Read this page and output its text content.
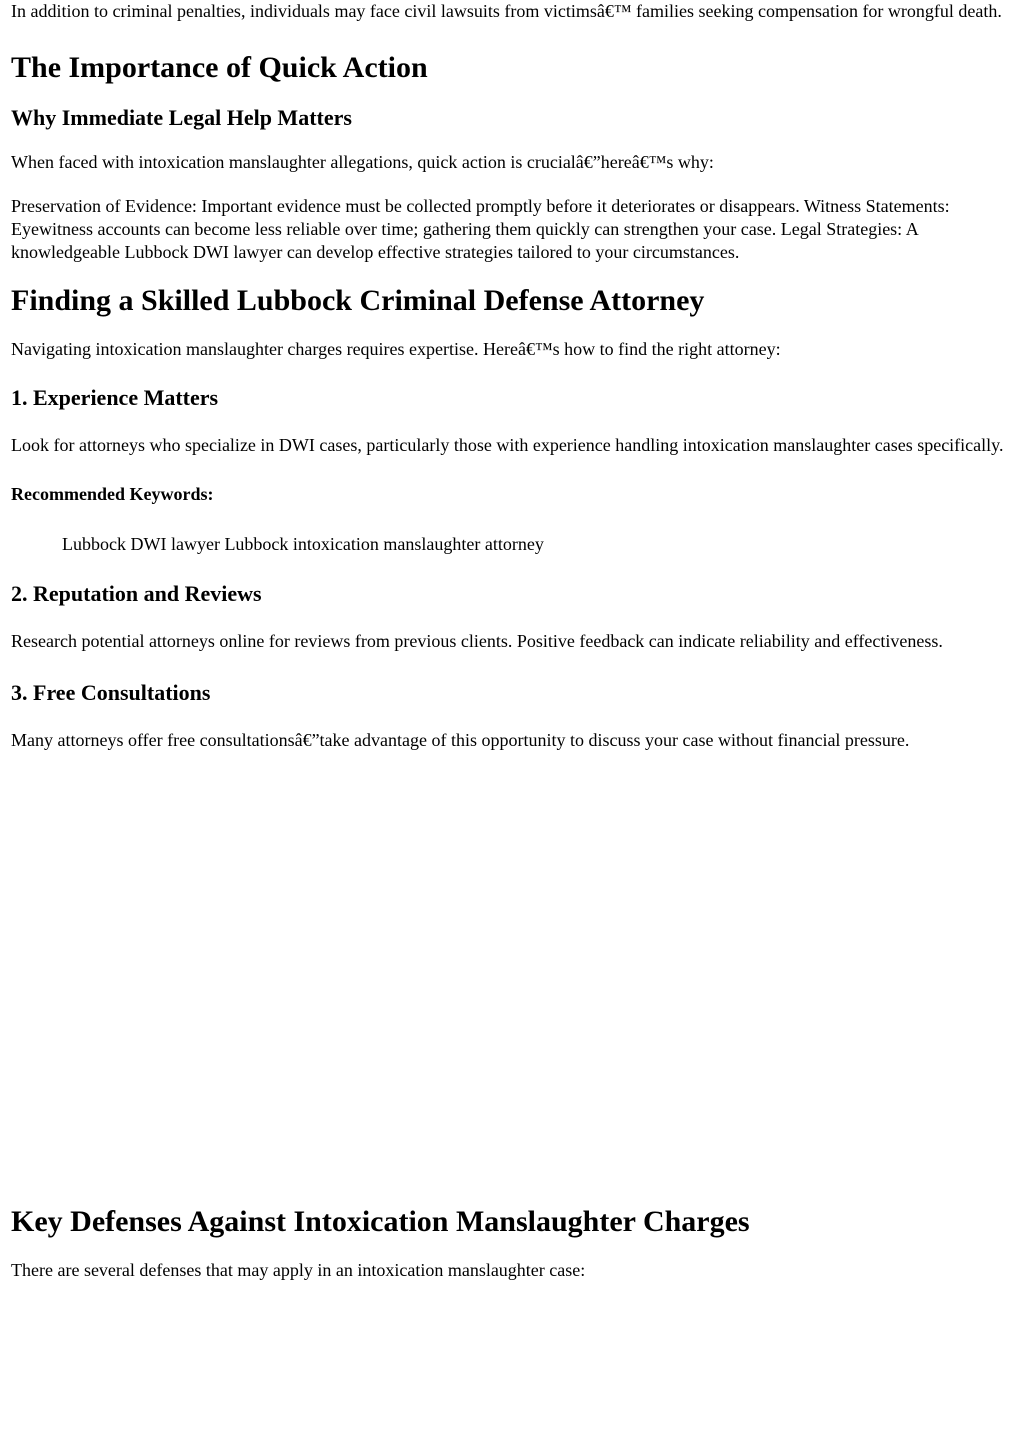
In addition to criminal penalties, individuals may face civil lawsuits from victimsâ€™ families seeking compensation for wrongful death.

The Importance of Quick Action
Why Immediate Legal Help Matters

When faced with intoxication manslaughter allegations, quick action is crucialâ€”hereâ€™s why:

Preservation of Evidence: Important evidence must be collected promptly before it deteriorates or disappears. Witness Statements: Eyewitness accounts can become less reliable over time; gathering them quickly can strengthen your case. Legal Strategies: A knowledgeable Lubbock DWI lawyer can develop effective strategies tailored to your circumstances.

Finding a Skilled Lubbock Criminal Defense Attorney

Navigating intoxication manslaughter charges requires expertise. Hereâ€™s how to find the right attorney:

1. Experience Matters

Look for attorneys who specialize in DWI cases, particularly those with experience handling intoxication manslaughter cases specifically.

Recommended Keywords:

Lubbock DWI lawyer Lubbock intoxication manslaughter attorney

2. Reputation and Reviews

Research potential attorneys online for reviews from previous clients. Positive feedback can indicate reliability and effectiveness.

3. Free Consultations

Many attorneys offer free consultationsâ€”take advantage of this opportunity to discuss your case without financial pressure.

Key Defenses Against Intoxication Manslaughter Charges

There are several defenses that may apply in an intoxication manslaughter case:
